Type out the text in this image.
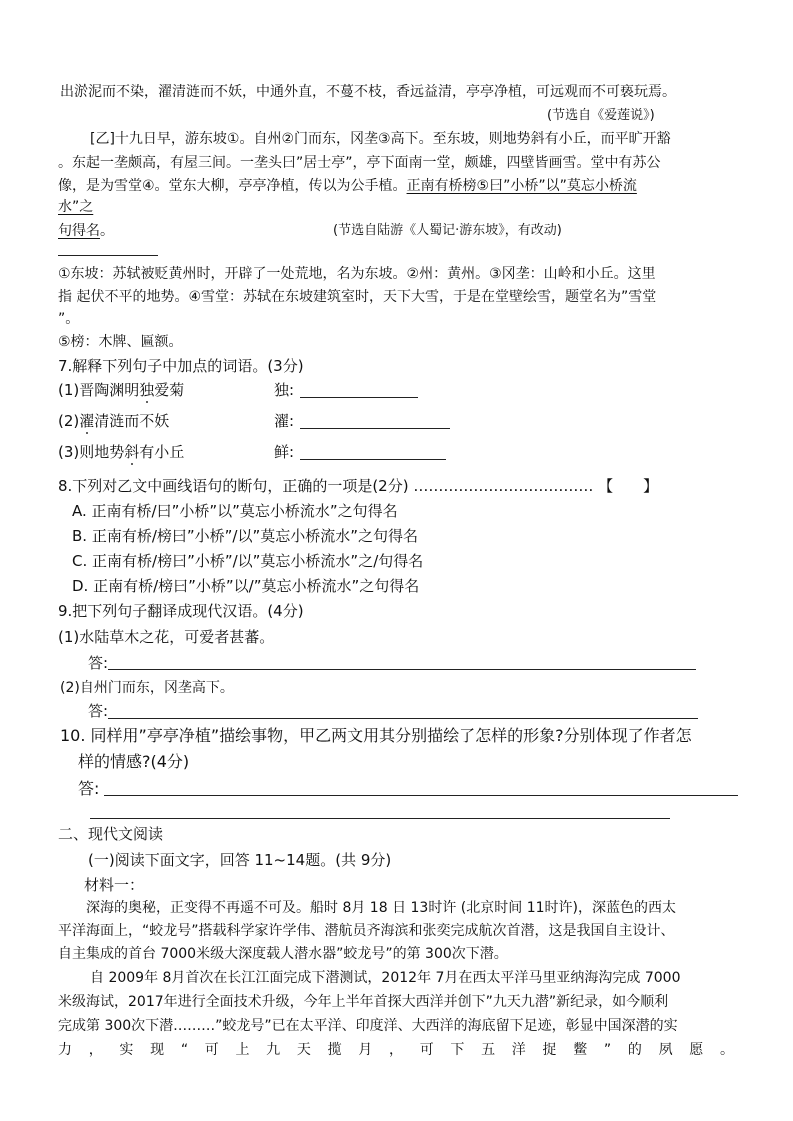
出淤泥而不染，濯清涟而不妖，中通外直，不蔓不枝，香远益清，亭亭净植，可远观而不可亵玩焉。
(节选自《爱莲说》)
[乙]十九日早，游东坡①。自州②门而东，冈垄③高下。至东坡，则地势斜有小丘，而平旷开豁
。东起一垄颇高，有屋三间。一垄头曰”居士亭”，亭下面南一堂，颇雄，四壁皆画雪。堂中有苏公
像，是为雪堂④。堂东大柳，亭亭净植，传以为公手植。正南有桥榜⑤曰”小桥”以”莫忘小桥流
水”之
句得名。	(节选自陆游《人蜀记·游东坡》，有改动)
①东坡：苏轼被贬黄州时，开辟了一处荒地，名为东坡。②州：黄州。③冈垄：山岭和小丘。这里
指 起伏不平的地势。④雪堂：苏轼在东坡建筑室时，天下大雪，于是在堂壁绘雪，题堂名为”雪堂
”。
⑤榜：木牌、匾额。
7.解释下列句子中加点的词语。(3分)
(1)晋陶渊明独爱菊	独:
(2)濯清涟而不妖	濯:
(3)则地势斜有小丘	鲜:
8.下列对乙文中画线语句的断句，正确的一项是(2分) ……………………………… 【　　】
A. 正南有桥/曰”小桥”以”莫忘小桥流水”之句得名
B. 正南有桥/榜曰”小桥”/以”莫忘小桥流水”之句得名
C. 正南有桥/榜曰”小桥”/以”莫忘小桥流水”之/句得名
D. 正南有桥/榜曰”小桥”以/”莫忘小桥流水”之句得名
9.把下列句子翻译成现代汉语。(4分)
(1)水陆草木之花，可爱者甚蕃。
答:
(2)自州门而东，冈垄高下。
答:
10. 同样用”亭亭净植”描绘事物，甲乙两文用其分别描绘了怎样的形象?分别体现了作者怎
样的情感?(4分)
答:
二、现代文阅读
(一)阅读下面文字，回答 11~14题。(共 9分)
材料一：
深海的奥秘，正变得不再遥不可及。船时 8月 18 日 13时许 (北京时间 11时许)，深蓝色的西太
平洋海面上，“蛟龙号”搭载科学家许学伟、潜航员齐海滨和张奕完成航次首潜，这是我国自主设计、
自主集成的首台 7000米级大深度载人潜水器”蛟龙号”的第 300次下潜。
自 2009年 8月首次在长江江面完成下潜测试，2012年 7月在西太平洋马里亚纳海沟完成 7000
米级海试，2017年进行全面技术升级，今年上半年首探大西洋并创下”九天九潜”新纪录，如今顺利
完成第 300次下潜………”蛟龙号”已在太平洋、印度洋、大西洋的海底留下足迹，彰显中国深潜的实
力，实现“可上九天揽月，可下五洋捉鳖”的夙愿。
